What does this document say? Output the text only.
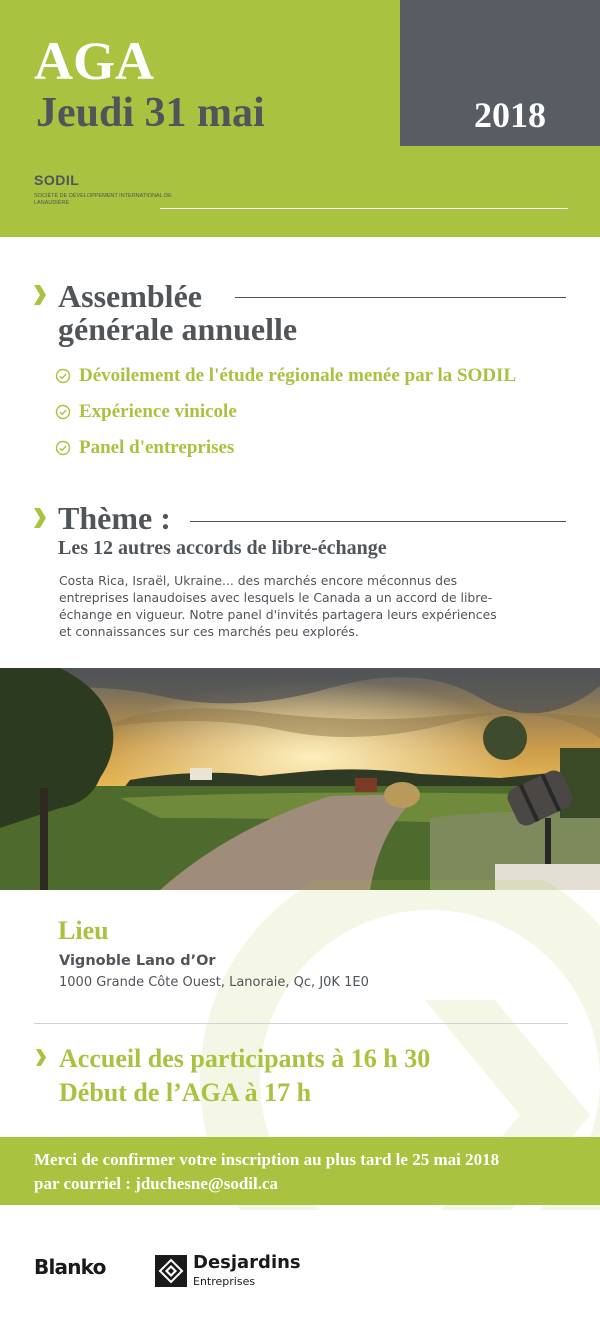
AGA
Jeudi 31 mai	2018
SODIL
SOCIÉTÉ DE DÉVELOPPEMENT INTERNATIONAL DE LANAUDIÈRE
Assemblée
générale annuelle
Dévoilement de l'étude régionale menée par la SODIL
Expérience vinicole
Panel d'entreprises
Thème :
Les 12 autres accords de libre-échange
Costa Rica, Israël, Ukraine... des marchés encore méconnus des entreprises lanaudoises avec lesquels le Canada a un accord de libre-échange en vigueur. Notre panel d'invités partagera leurs expériences et connaissances sur ces marchés peu explorés.
Lieu
Vignoble Lano d’Or
1000 Grande Côte Ouest, Lanoraie, Qc, J0K 1E0
Accueil des participants à 16 h 30
Début de l’AGA à 17 h

Merci de confirmer votre inscription au plus tard le 25 mai 2018

par courriel : jduchesne@sodil.ca

Blanko	Desjardins
Entreprises
